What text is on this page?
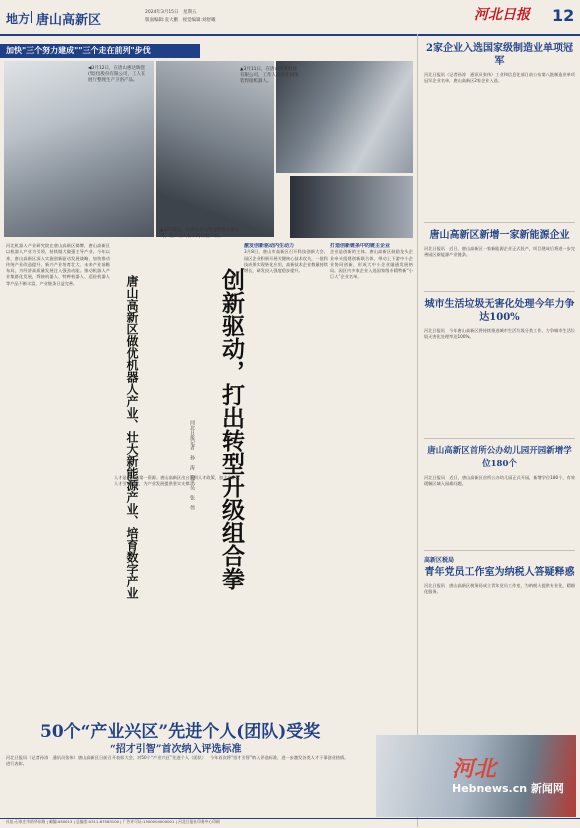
地方 唐山高新区
2024年3月15日　星期五
版面编辑:袁大鹏　视觉编辑:刘舒曦	河北日报 12
加快"三个努力建成""三个走在前列"步伐
◀3月12日，在唐山惠达陶瓷(集团)股份有限公司，工人在展厅整理生产卫浴产品。
▲3月11日，在唐山英莱科技有限公司，工作人员在车间组装焊接机器人。
▲3月12日，在唐山开元智能装备有限公司，生产工人在车间检验产品。
创新驱动，打出转型升级组合拳
唐山高新区做优机器人产业、壮大新能源产业、培育数字产业	河北日报记者　孙　涛　通讯员　张　伟
河北机器人产业研究院在唐山高新区揭牌，唐山高新区以机器人产业为引领，持续做大做强主导产业。今年以来，唐山高新区深入实施创新驱动发展战略，加快推动传统产业改造提升、新兴产业培育壮大、未来产业前瞻布局，为经济高质量发展注入强劲动能。推动机器人产业集群化发展，焊接机器人、特种机器人、巡检机器人等产品不断丰富，产业链条日益完善。
人才是创新的第一资源。唐山高新区出台系列人才政策，加大高层次人才引进力度，为产业发展提供坚实支撑。
激发创新驱动内生动力
3月8日，唐山市高新区召开科技创新大会。园区企业积极开展关键核心技术攻关，一批科技成果实现转化应用，高新技术企业数量持续增长，研发投入强度稳步提升。
打造创新链条中的链主企业
企业是创新的主体。唐山高新区鼓励龙头企业牵头组建创新联合体，带动上下游中小企业协同创新，形成大中小企业融通发展格局。园区内多家企业入选国家级专精特新“小巨人”企业名单。
2家企业入选国家级制造业单项冠军
河北日报讯（记者孙涛　通讯员张伟）工业和信息化部日前公布第八批制造业单项冠军企业名单，唐山高新区2家企业入选。
唐山高新区新增一家新能源企业
河北日报讯　近日，唐山高新区一家新能源企业正式投产，项目建成后将进一步完善园区新能源产业链条。
城市生活垃圾无害化处理今年力争达100%
河北日报讯　今年唐山高新区将持续推进城市生活垃圾分类工作，力争城市生活垃圾无害化处理率达100%。
唐山高新区首所公办幼儿园开园新增学位180个
河北日报讯　近日，唐山高新区首所公办幼儿园正式开园，新增学位180个，有效缓解区域入园难问题。
高新区税局
青年党员工作室为纳税人答疑释惑
河北日报讯　唐山高新区税务局成立青年党员工作室，为纳税人提供专业化、精细化服务。
50个“产业兴区”先进个人(团队)受奖
“招才引智”首次纳入评选标准
河北日报讯（记者孙涛　通讯员张伟）唐山高新区日前召开表彰大会，对50个“产业兴区”先进个人（团队）进行表彰。
今年首次将“招才引智”纳入评选标准，进一步激发各类人才干事创业热情。	河北
Hebnews.cn 新闻网
社址:石家庄市裕华东路 | 邮编:050013 | 总编室:0311-67563100 | 广告许可证:1300004000001 | 河北日报社印务中心印刷
